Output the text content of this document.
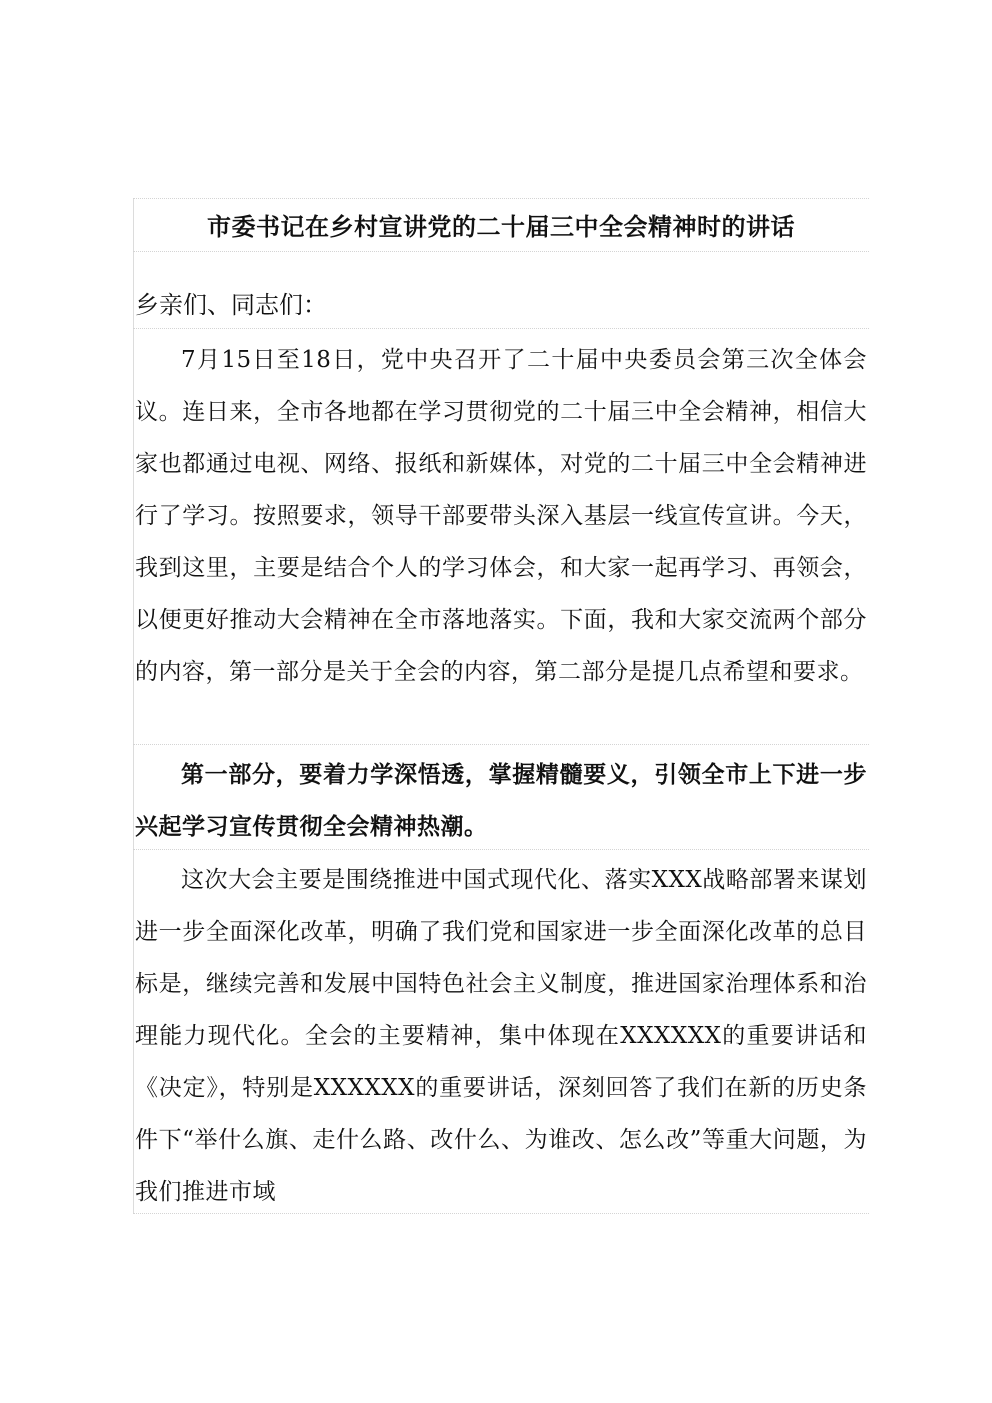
市委书记在乡村宣讲党的二十届三中全会精神时的讲话

乡亲们、同志们：

7月15日至18日，党中央召开了二十届中央委员会第三次全体会议。连日来，全市各地都在学习贯彻党的二十届三中全会精神，相信大家也都通过电视、网络、报纸和新媒体，对党的二十届三中全会精神进行了学习。按照要求，领导干部要带头深入基层一线宣传宣讲。今天，我到这里，主要是结合个人的学习体会，和大家一起再学习、再领会，以便更好推动大会精神在全市落地落实。下面，我和大家交流两个部分的内容，第一部分是关于全会的内容，第二部分是提几点希望和要求。

第一部分，要着力学深悟透，掌握精髓要义，引领全市上下进一步兴起学习宣传贯彻全会精神热潮。

这次大会主要是围绕推进中国式现代化、落实XXX战略部署来谋划进一步全面深化改革，明确了我们党和国家进一步全面深化改革的总目标是，继续完善和发展中国特色社会主义制度，推进国家治理体系和治理能力现代化。全会的主要精神，集中体现在XXXXXX的重要讲话和《决定》，特别是XXXXXX的重要讲话，深刻回答了我们在新的历史条件下“举什么旗、走什么路、改什么、为谁改、怎么改”等重大问题，为我们推进市域
